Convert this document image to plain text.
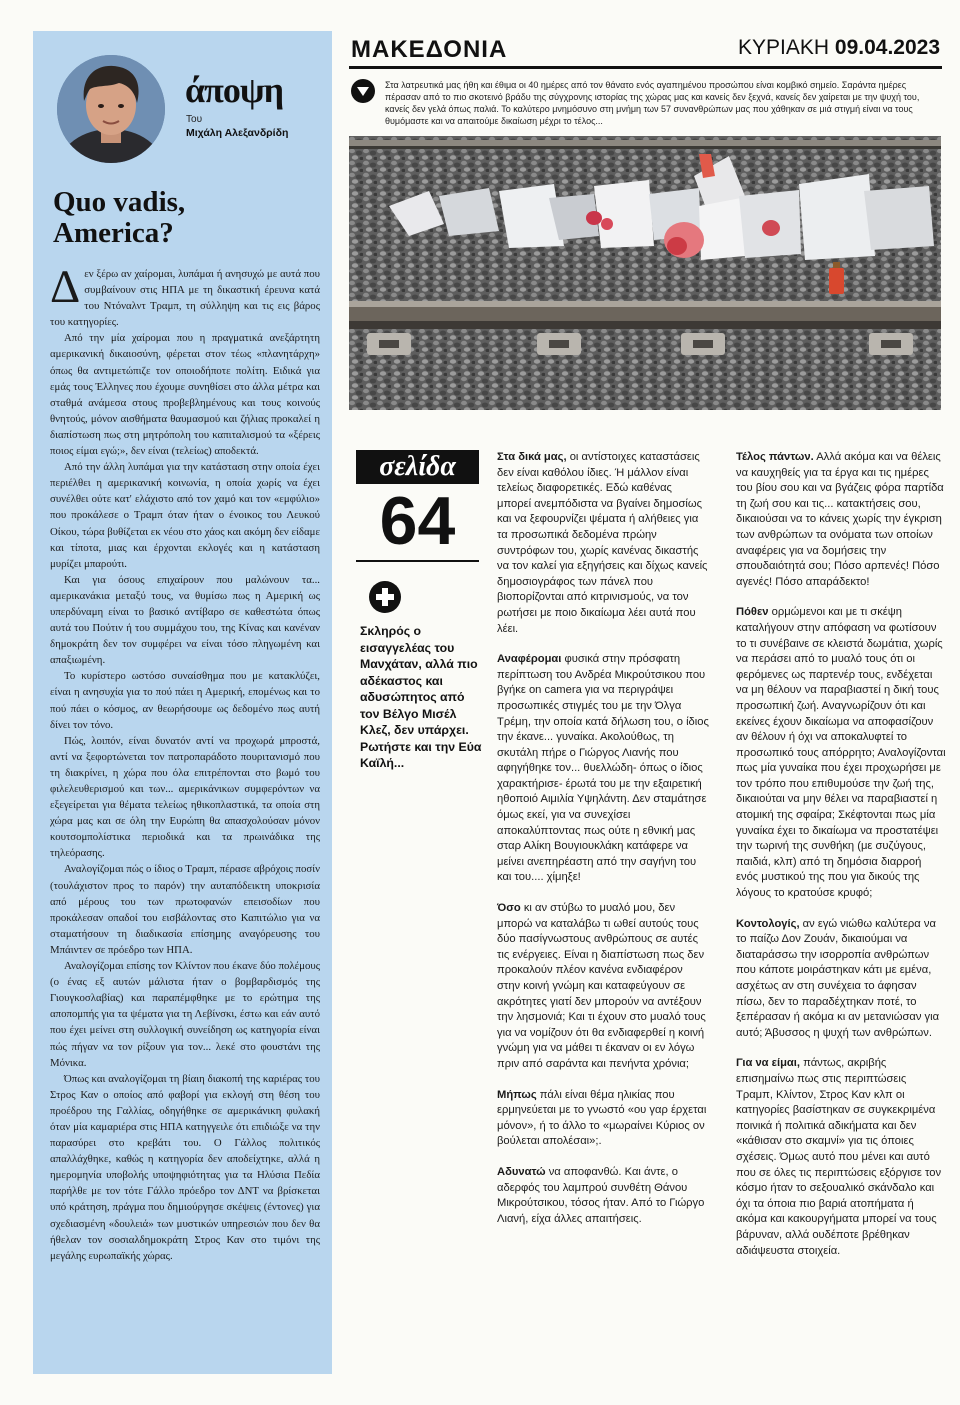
άποψη
Του
Μιχάλη Αλεξανδρίδη
Quo vadis,
America?

Δεν ξέρω αν χαίρομαι, λυπάμαι ή ανησυχώ με αυτά που συμβαίνουν στις ΗΠΑ με τη δικαστική έρευνα κατά του Ντόναλντ Τραμπ, τη σύλληψη και τις εις βάρος του κατηγορίες.

Από την μία χαίρομαι που η πραγματικά ανεξάρτητη αμερικανική δικαιοσύνη, φέρεται στον τέως «πλανητάρχη» όπως θα αντιμετώπιζε τον οποιοδήποτε πολίτη. Ειδικά για εμάς τους Έλληνες που έχουμε συνηθίσει στο άλλα μέτρα και σταθμά ανάμεσα στους προβεβλημένους και τους κοινούς θνητούς, μόνον αισθήματα θαυμασμού και ζήλιας προκαλεί η διαπίστωση πως στη μητρόπολη του καπιταλισμού τα «ξέρεις ποιος είμαι εγώ;», δεν είναι (τελείως) αποδεκτά.

Από την άλλη λυπάμαι για την κατάσταση στην οποία έχει περιέλθει η αμερικανική κοινωνία, η οποία χωρίς να έχει συνέλθει ούτε κατ' ελάχιστο από τον χαμό και τον «εμφύλιο» που προκάλεσε ο Τραμπ όταν ήταν ο ένοικος του Λευκού Οίκου, τώρα βυθίζεται εκ νέου στο χάος και ακόμη δεν είδαμε και τίποτα, μιας και έρχονται εκλογές και η κατάσταση μυρίζει μπαρούτι.

Και για όσους επιχαίρουν που μαλώνουν τα... αμερικανάκια μεταξύ τους, να θυμίσω πως η Αμερική ως υπερδύναμη είναι το βασικό αντίβαρο σε καθεστώτα όπως αυτά του Πούτιν ή του συμμάχου του, της Κίνας και κανέναν δημοκράτη δεν τον συμφέρει να είναι τόσο πληγωμένη και απαξιωμένη.

Το κυρίστερο ωστόσο συναίσθημα που με κατακλύζει, είναι η ανησυχία για το πού πάει η Αμερική, επομένως και το πού πάει ο κόσμος, αν θεωρήσουμε ως δεδομένο πως αυτή δίνει τον τόνο.

Πώς, λοιπόν, είναι δυνατόν αντί να προχωρά μπροστά, αντί να ξεφορτώνεται τον πατροπαράδοτο πουριτανισμό που τη διακρίνει, η χώρα που όλα επιτρέπονται στο βωμό του φιλελευθερισμού και των... αμερικάνικων συμφερόντων να εξεγείρεται για θέματα τελείως ηθικοπλαστικά, τα οποία στη χώρα μας και σε όλη την Ευρώπη θα απασχολούσαν μόνον κουτσομπολίστικα περιοδικά και τα πρωινάδικα της τηλεόρασης.

Αναλογίζομαι πώς ο ίδιος ο Τραμπ, πέρασε αβρόχοις ποσίν (τουλάχιστον προς το παρόν) την αυταπόδεικτη υποκρισία από μέρους του των πρωτοφανών επεισοδίων που προκάλεσαν οπαδοί του εισβάλοντας στο Καπιτώλιο για να σταματήσουν τη διαδικασία επίσημης αναγόρευσης του Μπάιντεν σε πρόεδρο των ΗΠΑ.

Αναλογίζομαι επίσης τον Κλίντον που έκανε δύο πολέμους (ο ένας εξ αυτών μάλιστα ήταν ο βομβαρδισμός της Γιουγκοσλαβίας) και παραπέμφθηκε με το ερώτημα της αποπομπής για τα ψέματα για τη Λεβίνσκι, έστω και εάν αυτό που έχει μείνει στη συλλογική συνείδηση ως κατηγορία είναι πώς πήγαν να τον ρίξουν για τον... λεκέ στο φουστάνι της Μόνικα.

Όπως και αναλογίζομαι τη βίαιη διακοπή της καριέρας του Στρος Καν ο οποίος από φαβορί για εκλογή στη θέση του προέδρου της Γαλλίας, οδηγήθηκε σε αμερικάνικη φυλακή όταν μία καμαριέρα στις ΗΠΑ κατηγγειλε ότι επιδιώξε να την παρασύρει στο κρεβάτι του. Ο Γάλλος πολιτικός απαλλάχθηκε, καθώς η κατηγορία δεν αποδείχτηκε, αλλά η ημερομηνία υποβολής υποψηφιότητας για τα Ηλύσια Πεδία παρήλθε με τον τότε Γάλλο πρόεδρο τον ΔΝΤ να βρίσκεται υπό κράτηση, πράγμα που δημιούργησε σκέψεις (έντονες) για σχεδιασμένη «δουλειά» των μυστικών υπηρεσιών που δεν θα ήθελαν τον σοσιαλδημοκράτη Στρος Καν στο τιμόνι της μεγάλης ευρωπαϊκής χώρας.

ΜΑΚΕΔΟΝΙΑ	ΚΥΡΙΑΚΗ 09.04.2023
Στα λατρευτικά μας ήθη και έθιμα οι 40 ημέρες από τον θάνατο ενός αγαπημένου προσώπου είναι κομβικό σημείο. Σαράντα ημέρες πέρασαν από το πιο σκοτεινό βράδυ της σύγχρονης ιστορίας της χώρας μας και κανείς δεν ξεχνά, κανείς δεν χαίρεται με την ψυχή του, κανείς δεν γελά όπως παλιά. Το καλύτερο μνημόσυνο στη μνήμη των 57 συνανθρώπων μας που χάθηκαν σε μιά στιγμή είναι να τους θυμόμαστε και να απαιτούμε δικαίωση μέχρι το τέλος...
σελίδα
64
Σκληρός ο εισαγγελέας του Μανχάταν, αλλά πιο αδέκαστος και αδυσώπητος από τον Βέλγο Μισέλ Κλεζ, δεν υπάρχει. Ρωτήστε και την Εύα Καϊλή...

Στα δικά μας, οι αντίστοιχες καταστάσεις δεν είναι καθόλου ίδιες. Ή μάλλον είναι τελείως διαφορετικές. Εδώ καθένας μπορεί ανεμπόδιστα να βγαίνει δημοσίως και να ξεφουρνίζει ψέματα ή αλήθειες για τα προσωπικά δεδομένα πρώην συντρόφων του, χωρίς κανένας δικαστής να τον καλεί για εξηγήσεις και δίχως κανείς δημοσιογράφος των πάνελ που βιοπορίζονται από κιτρινισμούς, να τον ρωτήσει με ποιο δικαίωμα λέει αυτά που λέει.

Αναφέρομαι φυσικά στην πρόσφατη περίπτωση του Ανδρέα Μικρούτσικου που βγήκε on camera για να περιγράψει προσωπικές στιγμές του με την Όλγα Τρέμη, την οποία κατά δήλωση του, ο ίδιος την έκανε... γυναίκα. Ακολούθως, τη σκυτάλη πήρε ο Γιώργος Λιανής που αφηγήθηκε τον... θυελλώδη- όπως ο ίδιος χαρακτήρισε- έρωτά του με την εξαιρετική ηθοποιό Αιμιλία Υψηλάντη. Δεν σταμάτησε όμως εκεί, για να συνεχίσει αποκαλύπτοντας πως ούτε η εθνική μας σταρ Αλίκη Βουγιουκλάκη κατάφερε να μείνει ανεπηρέαστη από την σαγήνη του και του.... χίμηξε!

Όσο κι αν στύβω το μυαλό μου, δεν μπορώ να καταλάβω τι ωθεί αυτούς τους δύο πασίγνωστους ανθρώπους σε αυτές τις ενέργειες. Είναι η διαπίστωση πως δεν προκαλούν πλέον κανένα ενδιαφέρον στην κοινή γνώμη και καταφεύγουν σε ακρότητες γιατί δεν μπορούν να αντέξουν την λησμονιά; Και τι έχουν στο μυαλό τους για να νομίζουν ότι θα ενδιαφερθεί η κοινή γνώμη για να μάθει τι έκαναν οι εν λόγω πριν από σαράντα και πενήντα χρόνια;

Μήπως πάλι είναι θέμα ηλικίας που ερμηνεύεται με το γνωστό «ου γαρ έρχεται μόνον», ή το άλλο το «μωραίνει Κύριος ον βούλεται απολέσαι»;.

Αδυνατώ να αποφανθώ. Και άντε, ο αδερφός του λαμπρού συνθέτη Θάνου Μικρούτσικου, τόσος ήταν. Από το Γιώργο Λιανή, είχα άλλες απαιτήσεις.

Τέλος πάντων. Αλλά ακόμα και να θέλεις να καυχηθείς για τα έργα και τις ημέρες του βίου σου και να βγάζεις φόρα παρτίδα τη ζωή σου και τις... κατακτήσεις σου, δικαιούσαι να το κάνεις χωρίς την έγκριση των ανθρώπων τα ονόματα των οποίων αναφέρεις για να δομήσεις την σπουδαιότητά σου; Πόσο αρπενές! Πόσο αγενές! Πόσο απαράδεκτο!

Πόθεν ορμώμενοι και με τι σκέψη καταλήγουν στην απόφαση να φωτίσουν το τι συνέβαινε σε κλειστά δωμάτια, χωρίς να περάσει από το μυαλό τους ότι οι φερόμενες ως παρτενέρ τους, ενδέχεται να μη θέλουν να παραβιαστεί η δική τους προσωπική ζωή. Αναγνωρίζουν ότι και εκείνες έχουν δικαίωμα να αποφασίζουν αν θέλουν ή όχι να αποκαλυφτεί το προσωπικό τους απόρρητο; Αναλογίζονται πως μία γυναίκα που έχει προχωρήσει με τον τρόπο που επιθυμούσε την ζωή της, δικαιούται να μην θέλει να παραβιαστεί η ατομική της σφαίρα; Σκέφτονται πως μία γυναίκα έχει το δικαίωμα να προστατέψει την τωρινή της συνθήκη (με συζύγους, παιδιά, κλπ) από τη δημόσια διαρροή ενός μυστικού της που για δικούς της λόγους το κρατούσε κρυφό;

Κοντολογίς, αν εγώ νιώθω καλύτερα να το παίζω Δον Ζουάν, δικαιούμαι να διαταράσσω την ισορροπία ανθρώπων που κάποτε μοιράστηκαν κάτι με εμένα, ασχέτως αν στη συνέχεια το άφησαν πίσω, δεν το παραδέχτηκαν ποτέ, το ξεπέρασαν ή ακόμα κι αν μετανιώσαν για αυτό; Άβυσσος η ψυχή των ανθρώπων.

Για να είμαι, πάντως, ακριβής επισημαίνω πως στις περιπτώσεις Τραμπ, Κλίντον, Στρος Καν κλπ οι κατηγορίες βασίστηκαν σε συγκεκριμένα ποινικά ή πολιτικά αδικήματα και δεν «κάθισαν στο σκαμνί» για τις όποιες σχέσεις. Όμως αυτό που μένει και αυτό που σε όλες τις περιπτώσεις εξόργισε τον κόσμο ήταν το σεξουαλικό σκάνδαλο και όχι τα όποια πιο βαριά ατοπήματα ή ακόμα και κακουργήματα μπορεί να τους βάρυναν, αλλά ουδέποτε βρέθηκαν αδιάψευστα στοιχεία.
